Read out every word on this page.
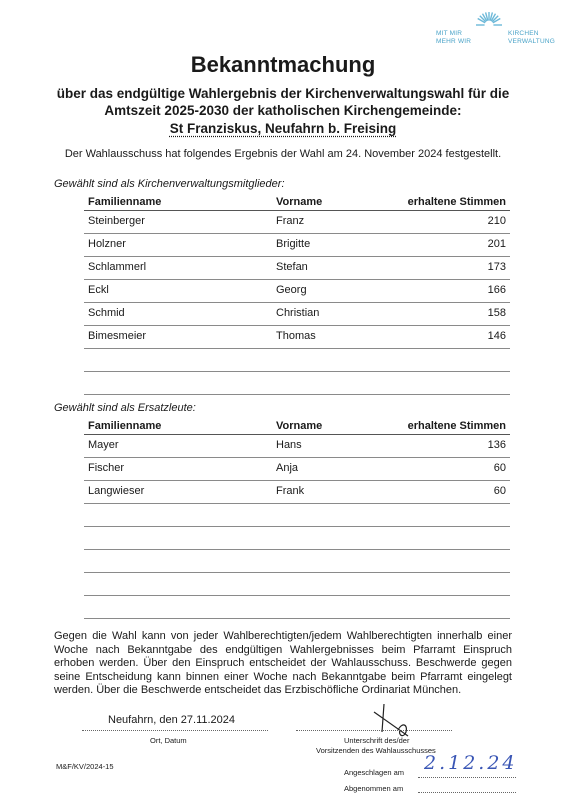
MIT MIR
MEHR WIR
KIRCHEN
VERWALTUNG
Bekanntmachung
über das endgültige Wahlergebnis der Kirchenverwaltungswahl für die
Amtszeit 2025-2030 der katholischen Kirchengemeinde:
St Franziskus, Neufahrn b. Freising
Der Wahlausschuss hat folgendes Ergebnis der Wahl am 24. November 2024 festgestellt.
Gewählt sind als Kirchenverwaltungsmitglieder:
Familienname	Vorname	erhaltene Stimmen
Steinberger	Franz	210
Holzner	Brigitte	201
Schlammerl	Stefan	173
Eckl	Georg	166
Schmid	Christian	158
Bimesmeier	Thomas	146
Gewählt sind als Ersatzleute:
Familienname	Vorname	erhaltene Stimmen
Mayer	Hans	136
Fischer	Anja	60
Langwieser	Frank	60
Gegen die Wahl kann von jeder Wahlberechtigten/jedem Wahlberechtigten innerhalb einer Woche nach Bekanntgabe des endgültigen Wahlergebnisses beim Pfarramt Einspruch erhoben werden. Über den Einspruch entscheidet der Wahlausschuss. Beschwerde gegen seine Entscheidung kann binnen einer Woche nach Bekanntgabe beim Pfarramt eingelegt werden. Über die Beschwerde entscheidet das Erzbischöfliche Ordinariat München.
Neufahrn, den 27.11.2024
Ort, Datum	Unterschrift des/der
Vorsitzenden des Wahlausschusses
M&F/KV/2024-15
Angeschlagen am 2.12.24
Abgenommen am
